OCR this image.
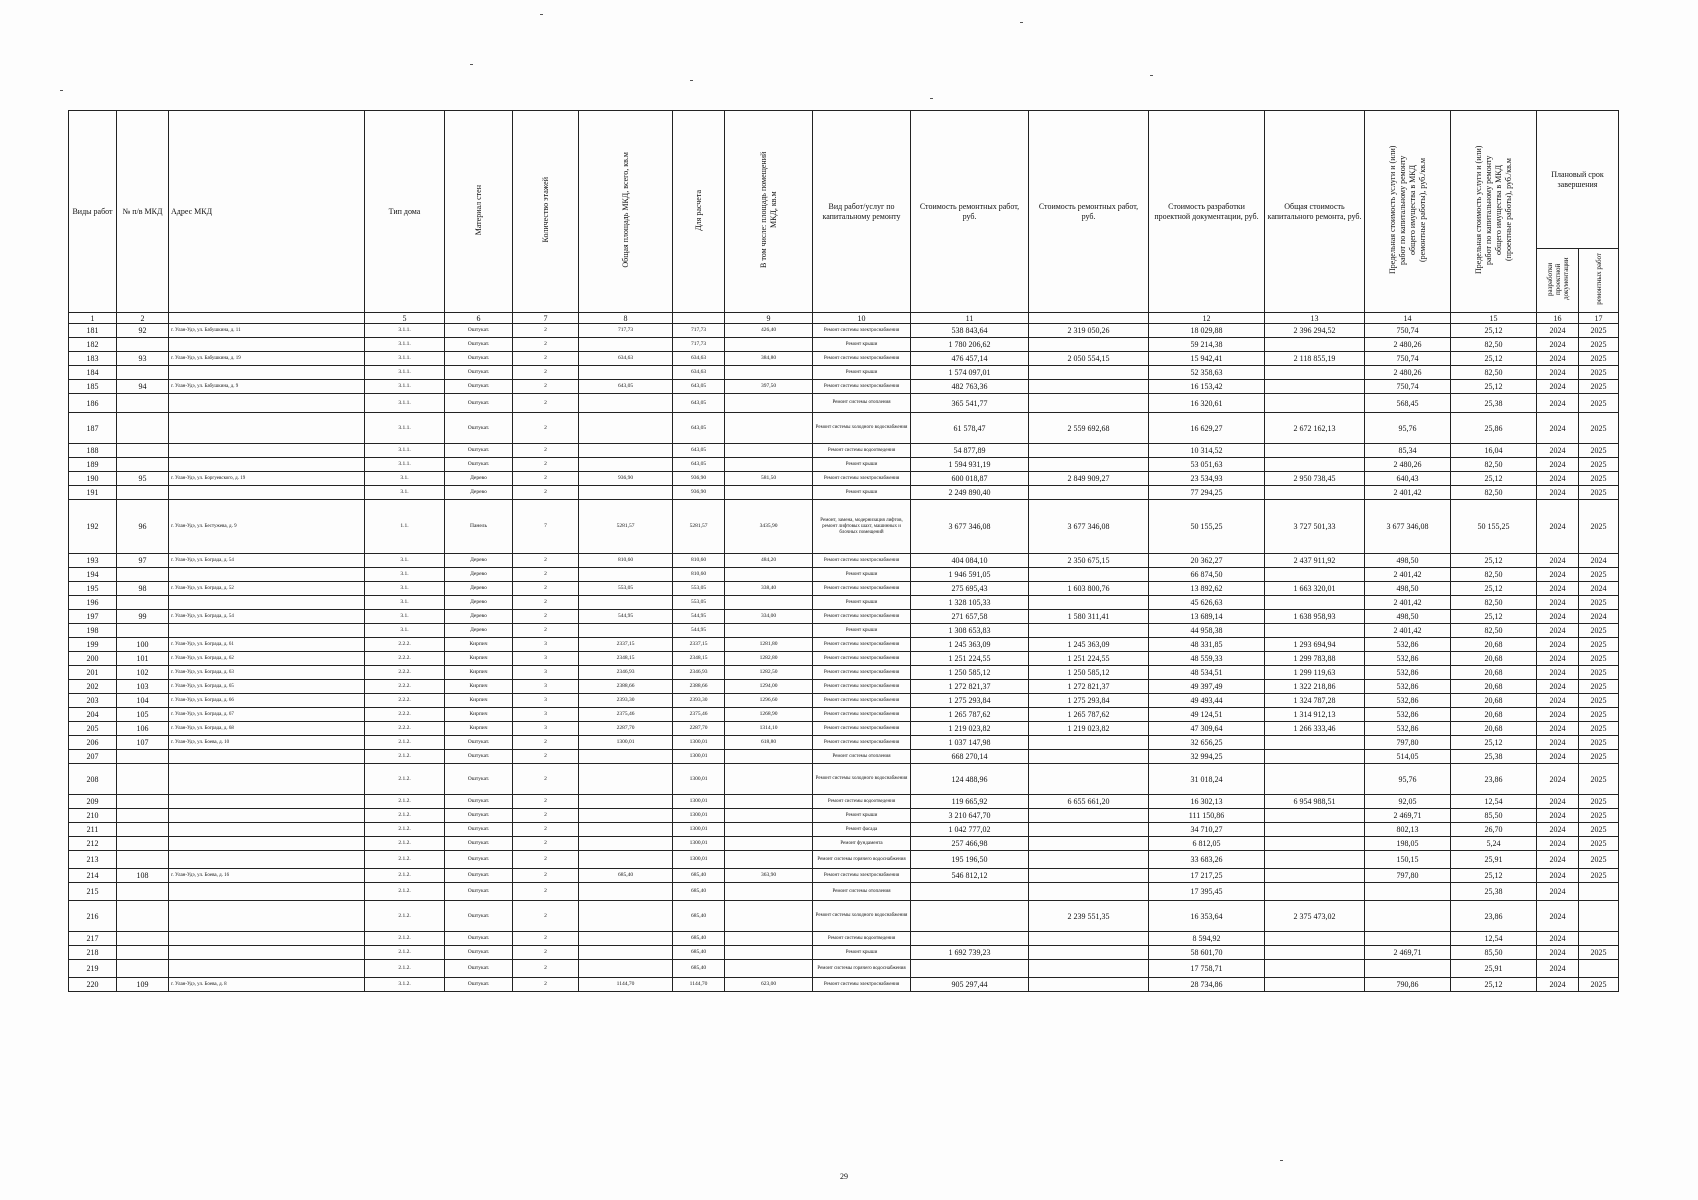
Виды работ	№ п/в МКД	Адрес МКД	Тип дома	Материал стен	Количество этажей	Общая площадь МКД, всего, кв.м	Для расчета	В том числе: площадь помещений МКД, кв.м	Вид работ/услуг по капитальному ремонту	Стоимость ремонтных работ, руб.	Стоимость ремонтных работ, руб.	Стоимость разработки проектной документации, руб.	Общая стоимость капитального ремонта, руб.	Предельная стоимость услуги и (или) работ по капитальному ремонту общего имущества в МКД (ремонтные работы), руб./кв.м	Предельная стоимость услуги и (или) работ по капитальному ремонту общего имущества в МКД (проектные работы), руб./кв.м	Плановый срок завершения	
																разработки проектной документации	ремонтных работ
1	2		5	6	7	8		9	10	11		12	13	14	15	16	17
181	92	г. Улан-Удэ, ул. Бабушкина, д. 11	3.1.1.	Оштукат.	2	717,73	717,73	426,40	Ремонт системы электроснабжения	538 843,64	2 319 050,26	18 029,88	2 396 294,52	750,74	25,12	2024	2025
182			3.1.1.	Оштукат.	2		717,73		Ремонт крыши	1 780 206,62		59 214,38		2 480,26	82,50	2024	2025
183	93	г. Улан-Удэ, ул. Бабушкина, д. 19	3.1.1.	Оштукат.	2	634,63	634,63	384,80	Ремонт системы электроснабжения	476 457,14	2 050 554,15	15 942,41	2 118 855,19	750,74	25,12	2024	2025
184			3.1.1.	Оштукат.	2		634,63		Ремонт крыши	1 574 097,01		52 358,63		2 480,26	82,50	2024	2025
185	94	г. Улан-Удэ, ул. Бабушкина, д. 9	3.1.1.	Оштукат.	2	643,05	643,05	397,50	Ремонт системы электроснабжения	482 763,36		16 153,42		750,74	25,12	2024	2025
186			3.1.1.	Оштукат.	2		643,05		Ремонт системы отопления	365 541,77		16 320,61		568,45	25,38	2024	2025
187			3.1.1.	Оштукат.	2		643,05		Ремонт системы холодного водоснабжения	61 578,47	2 559 692,68	16 629,27	2 672 162,13	95,76	25,86	2024	2025
188			3.1.1.	Оштукат.	2		643,05		Ремонт системы водоотведения	54 877,89		10 314,52		85,34	16,04	2024	2025
189			3.1.1.	Оштукат.	2		643,05		Ремонт крыши	1 594 931,19		53 051,63		2 480,26	82,50	2024	2025
190	95	г. Улан-Удэ, ул. Боргуевского, д. 19	3.1.	Дерево	2	936,90	936,90	581,50	Ремонт системы электроснабжения	600 018,87	2 849 909,27	23 534,93	2 950 738,45	640,43	25,12	2024	2025
191			3.1.	Дерево	2		936,90		Ремонт крыши	2 249 890,40		77 294,25		2 401,42	82,50	2024	2025
192	96	г. Улан-Удэ, ул. Бестужева, д. 9	1.1.	Панель	7	5281,57	5281,57	3435,90	Ремонт, замена, модернизация лифтов, ремонт лифтовых шахт, машинных и блочных помещений	3 677 346,08	3 677 346,08	50 155,25	3 727 501,33	3 677 346,08	50 155,25	2024	2025
193	97	г. Улан-Удэ, ул. Бограда, д. 54	3.1.	Дерево	2	810,60	810,60	484,20	Ремонт системы электроснабжения	404 084,10	2 350 675,15	20 362,27	2 437 911,92	498,50	25,12	2024	2024
194			3.1.	Дерево	2		810,60		Ремонт крыши	1 946 591,05		66 874,50		2 401,42	82,50	2024	2025
195	98	г. Улан-Удэ, ул. Бограда, д. 52	3.1.	Дерево	2	553,05	553,05	338,40	Ремонт системы электроснабжения	275 695,43	1 603 800,76	13 892,62	1 663 320,01	498,50	25,12	2024	2024
196			3.1.	Дерево	2		553,05		Ремонт крыши	1 328 105,33		45 626,63		2 401,42	82,50	2024	2025
197	99	г. Улан-Удэ, ул. Бограда, д. 54	3.1.	Дерево	2	544,95	544,95	334,00	Ремонт системы электроснабжения	271 657,58	1 580 311,41	13 689,14	1 638 958,93	498,50	25,12	2024	2024
198			3.1.	Дерево	2		544,95		Ремонт крыши	1 308 653,83		44 958,38		2 401,42	82,50	2024	2025
199	100	г. Улан-Удэ, ул. Бограда, д. 61	2.2.2.	Кирпич	3	2337,15	2337,15	1281,80	Ремонт системы электроснабжения	1 245 363,09	1 245 363,09	48 331,85	1 293 694,94	532,86	20,68	2024	2025
200	101	г. Улан-Удэ, ул. Бограда, д. 62	2.2.2.	Кирпич	3	2348,15	2348,15	1282,80	Ремонт системы электроснабжения	1 251 224,55	1 251 224,55	48 559,33	1 299 783,88	532,86	20,68	2024	2025
201	102	г. Улан-Удэ, ул. Бограда, д. 63	2.2.2.	Кирпич	3	2346,93	2346,93	1282,50	Ремонт системы электроснабжения	1 250 585,12	1 250 585,12	48 534,51	1 299 119,63	532,86	20,68	2024	2025
202	103	г. Улан-Удэ, ул. Бограда, д. 65	2.2.2.	Кирпич	3	2388,66	2388,66	1294,00	Ремонт системы электроснабжения	1 272 821,37	1 272 821,37	49 397,49	1 322 218,86	532,86	20,68	2024	2025
203	104	г. Улан-Удэ, ул. Бограда, д. 66	2.2.2.	Кирпич	3	2393,30	2393,30	1296,60	Ремонт системы электроснабжения	1 275 293,84	1 275 293,84	49 493,44	1 324 787,28	532,86	20,68	2024	2025
204	105	г. Улан-Удэ, ул. Бограда, д. 67	2.2.2.	Кирпич	3	2375,46	2375,46	1268,90	Ремонт системы электроснабжения	1 265 787,62	1 265 787,62	49 124,51	1 314 912,13	532,86	20,68	2024	2025
205	106	г. Улан-Удэ, ул. Бограда, д. 68	2.2.2.	Кирпич	3	2287,70	2287,70	1314,10	Ремонт системы электроснабжения	1 219 023,82	1 219 023,82	47 309,64	1 266 333,46	532,86	20,68	2024	2025
206	107	г. Улан-Удэ, ул. Боева, д. 10	2.1.2.	Оштукат.	2	1300,01	1300,01	618,80	Ремонт системы электроснабжения	1 037 147,98		32 656,25		797,80	25,12	2024	2025
207			2.1.2.	Оштукат.	2		1300,01		Ремонт системы отопления	668 270,14		32 994,25		514,05	25,38	2024	2025
208			2.1.2.	Оштукат.	2		1300,01		Ремонт системы холодного водоснабжения	124 488,96		31 018,24		95,76	23,86	2024	2025
209			2.1.2.	Оштукат.	2		1300,01		Ремонт системы водоотведения	119 665,92	6 655 661,20	16 302,13	6 954 988,51	92,05	12,54	2024	2025
210			2.1.2.	Оштукат.	2		1300,01		Ремонт крыши	3 210 647,70		111 150,86		2 469,71	85,50	2024	2025
211			2.1.2.	Оштукат.	2		1300,01		Ремонт фасада	1 042 777,02		34 710,27		802,13	26,70	2024	2025
212			2.1.2.	Оштукат.	2		1300,01		Ремонт фундамента	257 466,98		6 812,05		198,05	5,24	2024	2025
213			2.1.2.	Оштукат.	2		1300,01		Ремонт системы горячего водоснабжения	195 196,50		33 683,26		150,15	25,91	2024	2025
214	108	г. Улан-Удэ, ул. Боева, д. 16	2.1.2.	Оштукат.	2	685,40	685,40	363,90	Ремонт системы электроснабжения	546 812,12		17 217,25		797,80	25,12	2024	2025
215			2.1.2.	Оштукат.	2		685,40		Ремонт системы отопления			17 395,45			25,38	2024	
216			2.1.2.	Оштукат.	2		685,40		Ремонт системы холодного водоснабжения		2 239 551,35	16 353,64	2 375 473,02		23,86	2024	
217			2.1.2.	Оштукат.	2		685,40		Ремонт системы водоотведения			8 594,92			12,54	2024	
218			2.1.2.	Оштукат.	2		685,40		Ремонт крыши	1 692 739,23		58 601,70		2 469,71	85,50	2024	2025
219			2.1.2.	Оштукат.	2		685,40		Ремонт системы горячего водоснабжения			17 758,71			25,91	2024	
220	109	г. Улан-Удэ, ул. Боева, д. 8	3.1.2.	Оштукат.	2	1144,70	1144,70	623,00	Ремонт системы электроснабжения	905 297,44		28 734,86		790,86	25,12	2024	2025
29
